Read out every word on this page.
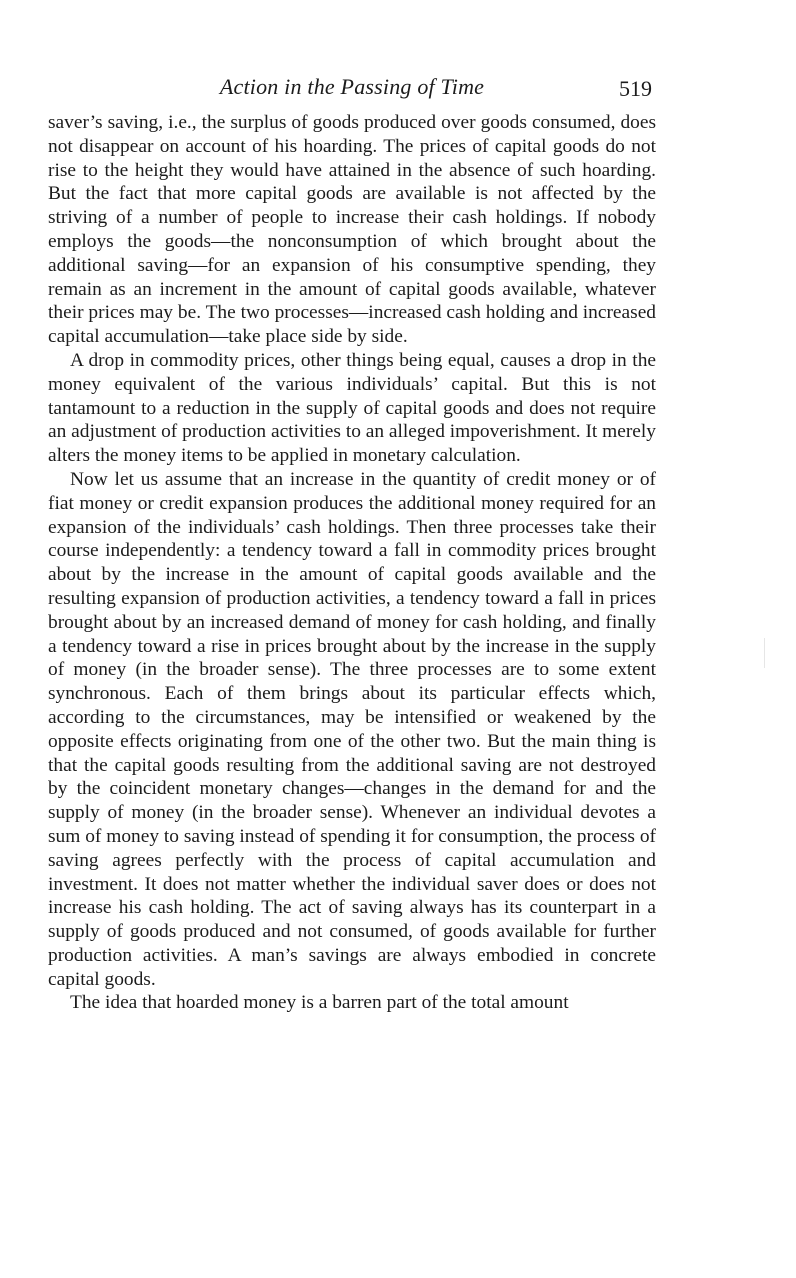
Action in the Passing of Time	519

saver’s saving, i.e., the surplus of goods produced over goods consumed, does not disappear on account of his hoarding. The prices of capital goods do not rise to the height they would have attained in the absence of such hoarding. But the fact that more capital goods are available is not affected by the striving of a number of people to increase their cash holdings. If nobody employs the goods—the nonconsumption of which brought about the additional saving—for an expansion of his consumptive spending, they remain as an increment in the amount of capital goods available, whatever their prices may be. The two processes—increased cash holding and increased capital accumulation—take place side by side.

A drop in commodity prices, other things being equal, causes a drop in the money equivalent of the various individuals’ capital. But this is not tantamount to a reduction in the supply of capital goods and does not require an adjustment of production activities to an alleged impoverishment. It merely alters the money items to be applied in monetary calculation.

Now let us assume that an increase in the quantity of credit money or of fiat money or credit expansion produces the additional money required for an expansion of the individuals’ cash holdings. Then three processes take their course independently: a tendency toward a fall in commodity prices brought about by the increase in the amount of capital goods available and the resulting expansion of production activities, a tendency toward a fall in prices brought about by an increased demand of money for cash holding, and finally a tendency toward a rise in prices brought about by the increase in the supply of money (in the broader sense). The three processes are to some extent synchronous. Each of them brings about its particular effects which, according to the circumstances, may be intensified or weakened by the opposite effects originating from one of the other two. But the main thing is that the capital goods resulting from the additional saving are not destroyed by the coincident monetary changes—changes in the demand for and the supply of money (in the broader sense). Whenever an individual devotes a sum of money to saving instead of spending it for consumption, the process of saving agrees perfectly with the process of capital accumulation and investment. It does not matter whether the individual saver does or does not increase his cash holding. The act of saving always has its counterpart in a supply of goods produced and not consumed, of goods available for further production activities. A man’s savings are always embodied in concrete capital goods.

The idea that hoarded money is a barren part of the total amount
